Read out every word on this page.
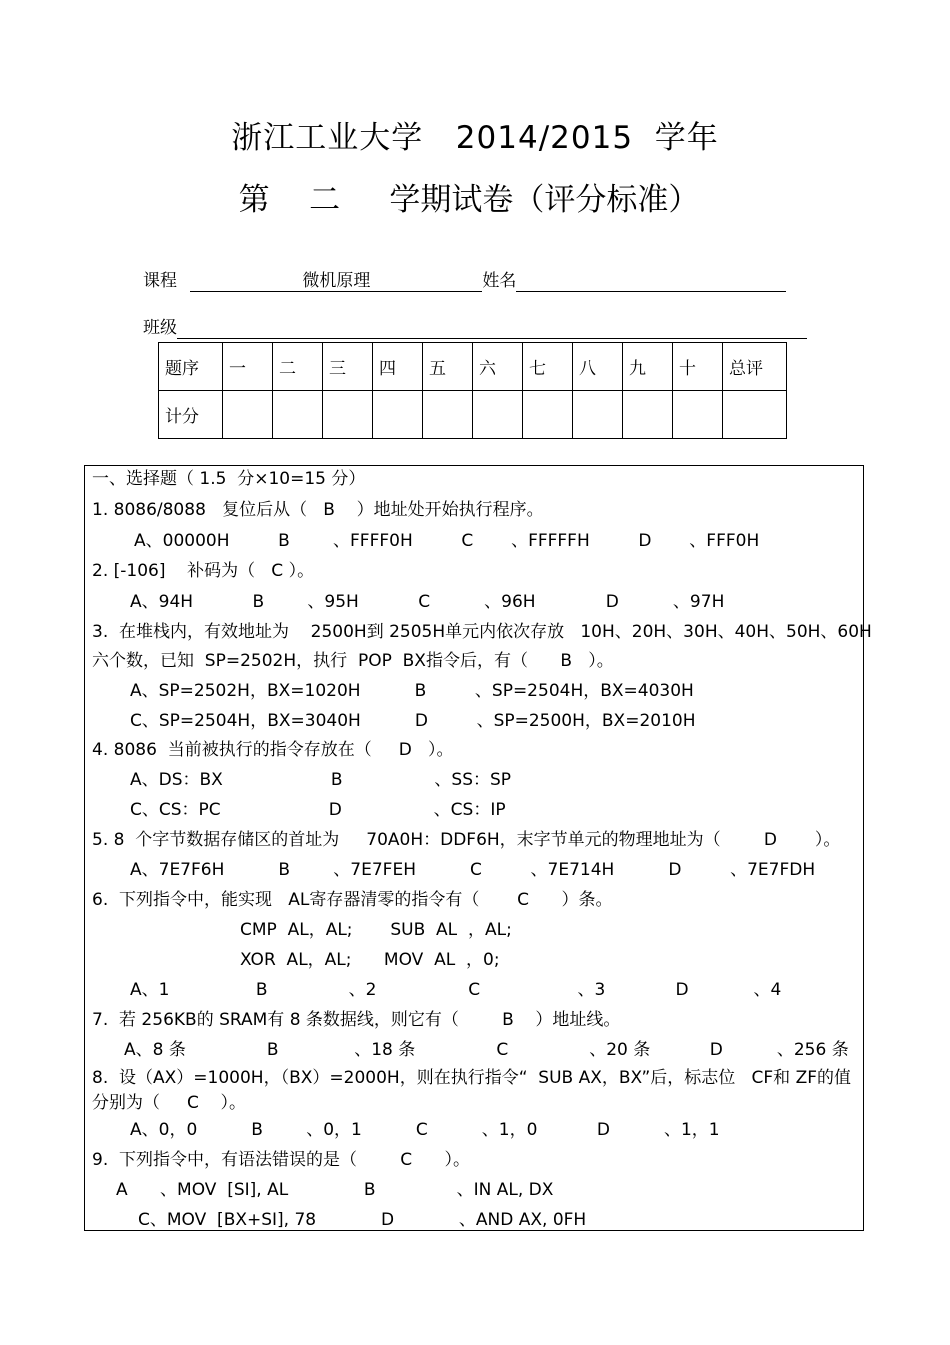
浙江工业大学   2014/2015  学年
第    二     学期试卷（评分标准）
课程	微机原理	姓名
班级
题序	一	二	三	四	五	六	七	八	九	十	总评
计分											
一、选择题（ 1.5  分×10=15 分）
1. 8086/8088   复位后从（   B    ）地址处开始执行程序。
A、00000H         B        、FFFF0H         C       、FFFFFH         D       、FFF0H
2. [-106]    补码为（   C ）。
A、94H           B        、95H           C          、96H             D          、97H
3.  在堆栈内，有效地址为    2500H到 2505H单元内依次存放   10H、20H、30H、40H、50H、60H
六个数，已知  SP=2502H，执行  POP  BX指令后，有（      B   ）。
A、SP=2502H，BX=1020H          B         、SP=2504H，BX=4030H
C、SP=2504H，BX=3040H          D         、SP=2500H，BX=2010H
4. 8086  当前被执行的指令存放在（     D   ）。
A、DS：BX                    B                 、SS：SP
C、CS：PC                    D                 、CS：IP
5. 8  个字节数据存储区的首址为     70A0H：DDF6H，末字节单元的物理地址为（        D       ）。
A、7E7F6H          B        、7E7FEH          C         、7E714H          D         、7E7FDH
6.  下列指令中，能实现   AL寄存器清零的指令有（       C      ）条。
CMP  AL，AL;       SUB  AL  ，AL;
XOR  AL，AL;      MOV  AL  ，0;
A、1                B               、2                 C                  、3             D            、4
7.  若 256KB的 SRAM有 8 条数据线，则它有（        B    ）地址线。
A、8 条               B              、18 条               C               、20 条           D          、256 条
8.  设（AX）=1000H，（BX）=2000H，则在执行指令“  SUB AX，BX”后，标志位   CF和 ZF的值
分别为（     C    ）。
A、0，0          B        、0，1          C          、1，0           D          、1，1
9.  下列指令中，有语法错误的是（        C      ）。
A      、MOV  [SI], AL              B               、IN AL, DX
C、MOV  [BX+SI], 78            D            、AND AX, 0FH
